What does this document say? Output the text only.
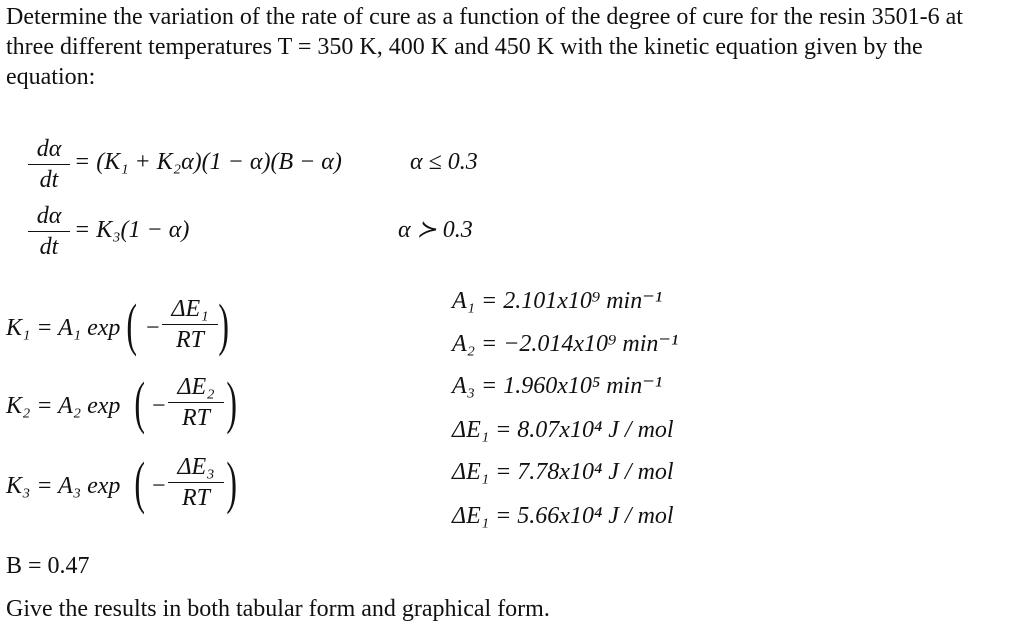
Determine the variation of the rate of cure as a function of the degree of cure for the resin 3501-6 at three different temperatures T = 350 K, 400 K and 450 K with the kinetic equation given by the equation:

dα
dt
= (K₁ + K₂α)(1 − α)(B − α)	α ≤ 0.3
dα
dt
= K₃(1 − α)	α ≻ 0.3
K₁ = A₁ exp ( −
ΔE₁
RT )
K₂ = A₂ exp ( −
ΔE₂
RT )
K₃ = A₃ exp ( −
ΔE₃
RT )
A₁ = 2.101x10⁹ min⁻¹
A₂ = −2.014x10⁹ min⁻¹
A₃ = 1.960x10⁵ min⁻¹
ΔE₁ = 8.07x10⁴ J / mol
ΔE₁ = 7.78x10⁴ J / mol
ΔE₁ = 5.66x10⁴ J / mol
B = 0.47

Give the results in both tabular form and graphical form.
